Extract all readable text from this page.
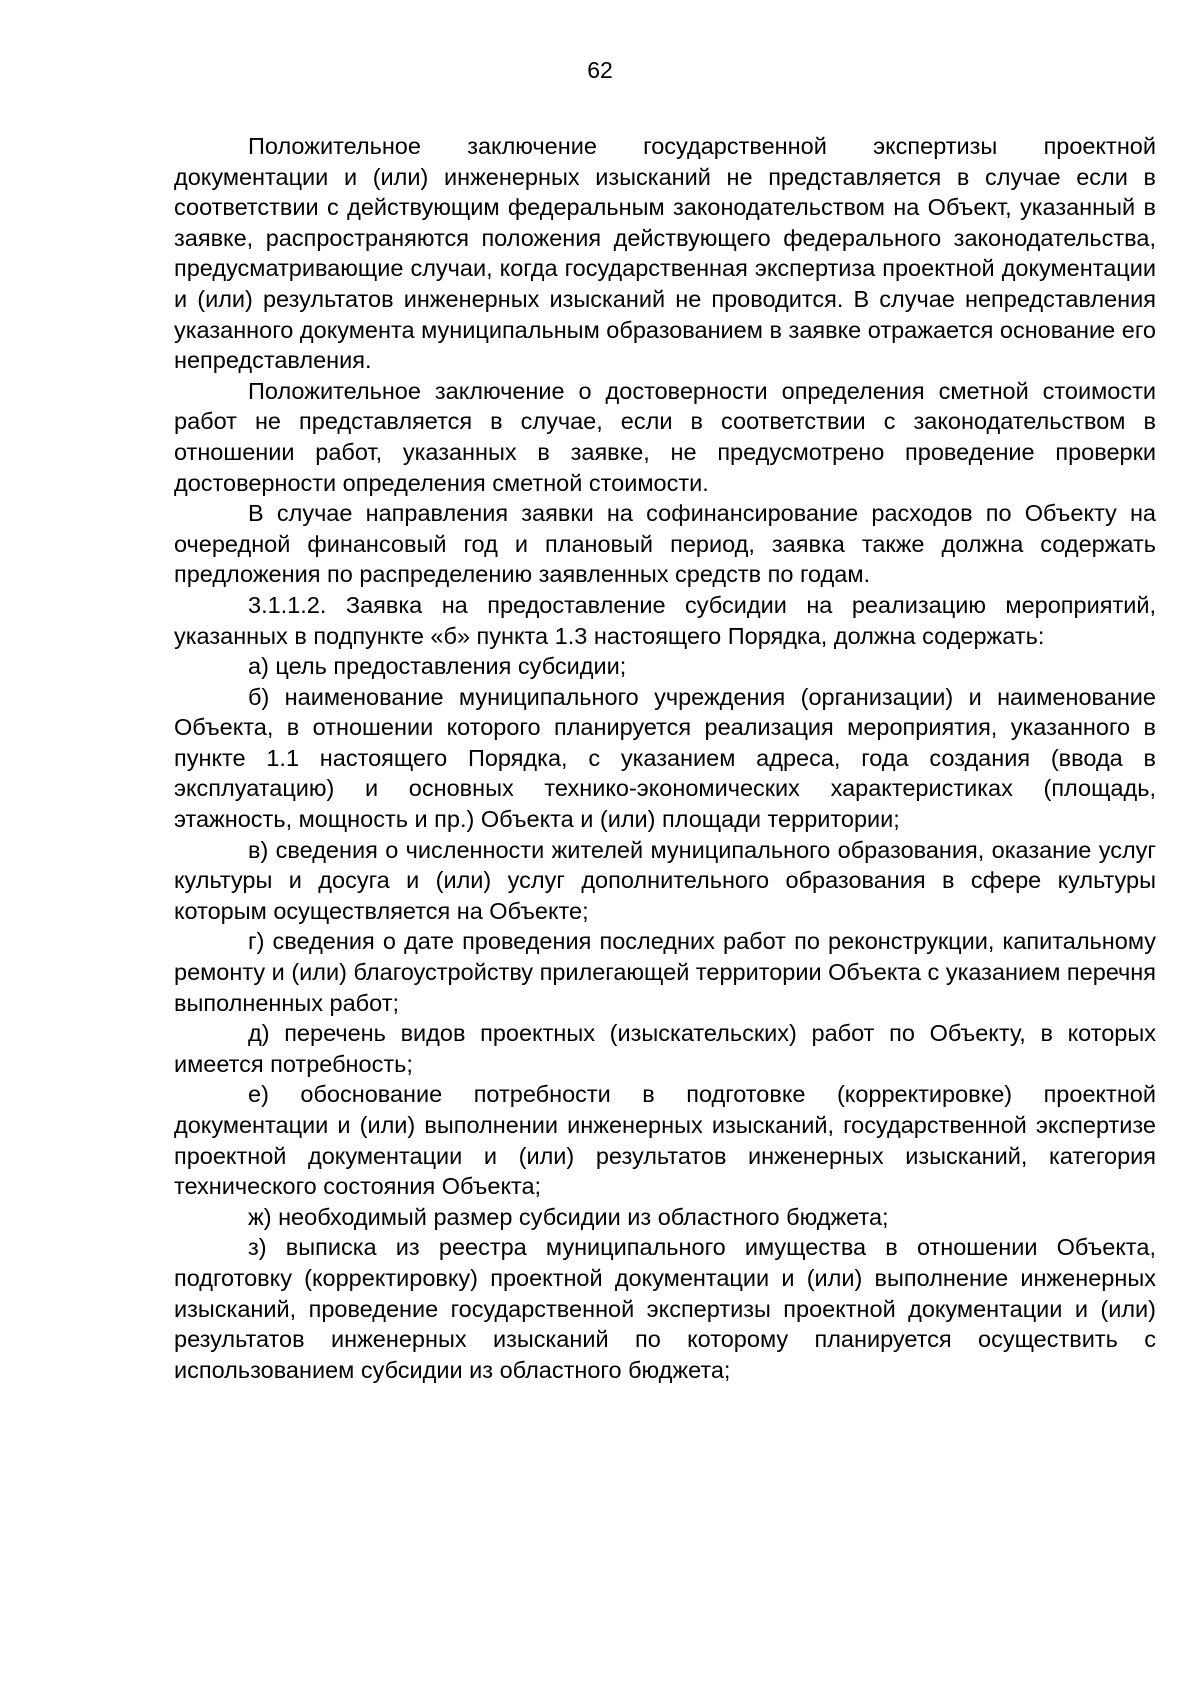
62

Положительное заключение государственной экспертизы проектной документации и (или) инженерных изысканий не представляется в случае если в соответствии с действующим федеральным законодательством на Объект, указанный в заявке, распространяются положения действующего федерального законодательства, предусматривающие случаи, когда государственная экспертиза проектной документации и (или) результатов инженерных изысканий не проводится. В случае непредставления указанного документа муниципальным образованием в заявке отражается основание его непредставления.

Положительное заключение о достоверности определения сметной стоимости работ не представляется в случае, если в соответствии с законодательством в отношении работ, указанных в заявке, не предусмотрено проведение проверки достоверности определения сметной стоимости.

В случае направления заявки на софинансирование расходов по Объекту на очередной финансовый год и плановый период, заявка также должна содержать предложения по распределению заявленных средств по годам.

3.1.1.2. Заявка на предоставление субсидии на реализацию мероприятий, указанных в подпункте «б» пункта 1.3 настоящего Порядка, должна содержать:

а) цель предоставления субсидии;

б) наименование муниципального учреждения (организации) и наименование Объекта, в отношении которого планируется реализация мероприятия, указанного в пункте 1.1 настоящего Порядка, с указанием адреса, года создания (ввода в эксплуатацию) и основных технико-экономических характеристиках (площадь, этажность, мощность и пр.) Объекта и (или) площади территории;

в) сведения о численности жителей муниципального образования, оказание услуг культуры и досуга и (или) услуг дополнительного образования в сфере культуры которым осуществляется на Объекте;

г) сведения о дате проведения последних работ по реконструкции, капитальному ремонту и (или) благоустройству прилегающей территории Объекта с указанием перечня выполненных работ;

д) перечень видов проектных (изыскательских) работ по Объекту, в которых имеется потребность;

е) обоснование потребности в подготовке (корректировке) проектной документации и (или) выполнении инженерных изысканий, государственной экспертизе проектной документации и (или) результатов инженерных изысканий, категория технического состояния Объекта;

ж) необходимый размер субсидии из областного бюджета;

з) выписка из реестра муниципального имущества в отношении Объекта, подготовку (корректировку) проектной документации и (или) выполнение инженерных изысканий, проведение государственной экспертизы проектной документации и (или) результатов инженерных изысканий по которому планируется осуществить с использованием субсидии из областного бюджета;
